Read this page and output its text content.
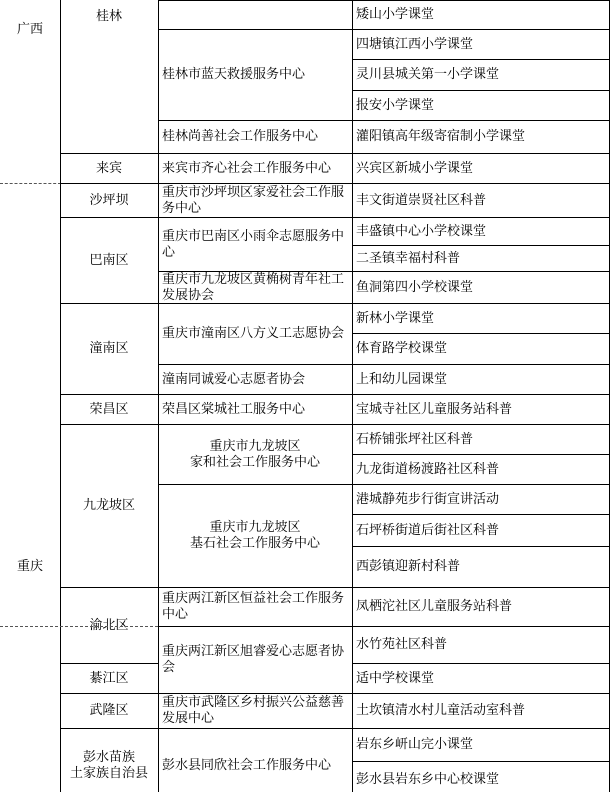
广西
重庆
桂林
来宾
沙坪坝
巴南区
潼南区
荣昌区
九龙坡区
渝北区
綦江区
武隆区
彭水苗族
土家族自治县
桂林市蓝天救援服务中心
桂林尚善社会工作服务中心
来宾市齐心社会工作服务中心
重庆市沙坪坝区家爱社会工作服务中心
重庆市巴南区小雨伞志愿服务中心
重庆市九龙坡区黄桷树青年社工发展协会
重庆市潼南区八方义工志愿协会
潼南同诚爱心志愿者协会
荣昌区棠城社工服务中心
重庆市九龙坡区
家和社会工作服务中心
重庆市九龙坡区
基石社会工作服务中心
重庆两江新区恒益社会工作服务中心
重庆两江新区旭睿爱心志愿者协会
重庆市武隆区乡村振兴公益慈善发展中心
彭水县同欣社会工作服务中心
矮山小学课堂
四塘镇江西小学课堂
灵川县城关第一小学课堂
报安小学课堂
灌阳镇高年级寄宿制小学课堂
兴宾区新城小学课堂
丰文街道崇贤社区科普
丰盛镇中心小学校课堂
二圣镇幸福村科普
鱼洞第四小学校课堂
新林小学课堂
体育路学校课堂
上和幼儿园课堂
宝城寺社区儿童服务站科普
石桥铺张坪社区科普
九龙街道杨渡路社区科普
港城静苑步行街宣讲活动
石坪桥街道后街社区科普
西彭镇迎新村科普
凤栖沱社区儿童服务站科普
水竹苑社区科普
适中学校课堂
土坎镇清水村儿童活动室科普
岩东乡岍山完小课堂
彭水县岩东乡中心校课堂
